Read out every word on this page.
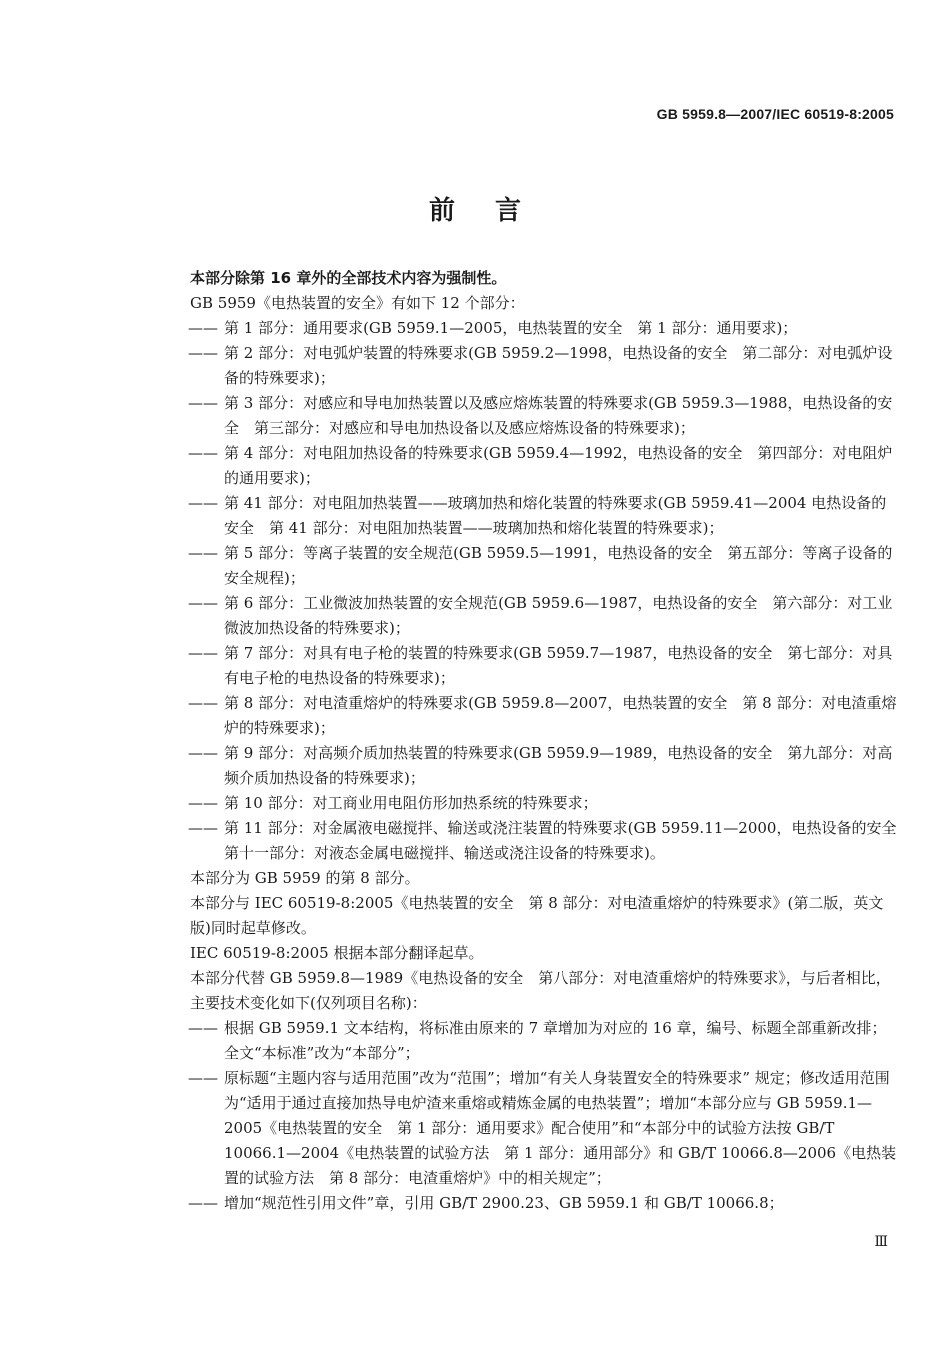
GB 5959.8—2007/IEC 60519-8:2005
前言

本部分除第 16 章外的全部技术内容为强制性。

GB 5959《电热装置的安全》有如下 12 个部分：

—— 第 1 部分：通用要求(GB 5959.1—2005，电热装置的安全　第 1 部分：通用要求)；

—— 第 2 部分：对电弧炉装置的特殊要求(GB 5959.2—1998，电热设备的安全　第二部分：对电弧炉设备的特殊要求)；

—— 第 3 部分：对感应和导电加热装置以及感应熔炼装置的特殊要求(GB 5959.3—1988，电热设备的安全　第三部分：对感应和导电加热设备以及感应熔炼设备的特殊要求)；

—— 第 4 部分：对电阻加热设备的特殊要求(GB 5959.4—1992，电热设备的安全　第四部分：对电阻炉的通用要求)；

—— 第 41 部分：对电阻加热装置——玻璃加热和熔化装置的特殊要求(GB 5959.41—2004 电热设备的安全　第 41 部分：对电阻加热装置——玻璃加热和熔化装置的特殊要求)；

—— 第 5 部分：等离子装置的安全规范(GB 5959.5—1991，电热设备的安全　第五部分：等离子设备的安全规程)；

—— 第 6 部分：工业微波加热装置的安全规范(GB 5959.6—1987，电热设备的安全　第六部分：对工业微波加热设备的特殊要求)；

—— 第 7 部分：对具有电子枪的装置的特殊要求(GB 5959.7—1987，电热设备的安全　第七部分：对具有电子枪的电热设备的特殊要求)；

—— 第 8 部分：对电渣重熔炉的特殊要求(GB 5959.8—2007，电热装置的安全　第 8 部分：对电渣重熔炉的特殊要求)；

—— 第 9 部分：对高频介质加热装置的特殊要求(GB 5959.9—1989，电热设备的安全　第九部分：对高频介质加热设备的特殊要求)；

—— 第 10 部分：对工商业用电阻仿形加热系统的特殊要求；

—— 第 11 部分：对金属液电磁搅拌、输送或浇注装置的特殊要求(GB 5959.11—2000，电热设备的安全　第十一部分：对液态金属电磁搅拌、输送或浇注设备的特殊要求)。

本部分为 GB 5959 的第 8 部分。

本部分与 IEC 60519-8:2005《电热装置的安全　第 8 部分：对电渣重熔炉的特殊要求》(第二版，英文版)同时起草修改。

IEC 60519-8:2005 根据本部分翻译起草。

本部分代替 GB 5959.8—1989《电热设备的安全　第八部分：对电渣重熔炉的特殊要求》，与后者相比，主要技术变化如下(仅列项目名称)：

—— 根据 GB 5959.1 文本结构，将标准由原来的 7 章增加为对应的 16 章，编号、标题全部重新改排；全文“本标准”改为“本部分”；

—— 原标题“主题内容与适用范围”改为“范围”；增加“有关人身装置安全的特殊要求” 规定；修改适用范围为“适用于通过直接加热导电炉渣来重熔或精炼金属的电热装置”；增加“本部分应与 GB 5959.1—2005《电热装置的安全　第 1 部分：通用要求》配合使用”和“本部分中的试验方法按 GB/T 10066.1—2004《电热装置的试验方法　第 1 部分：通用部分》和 GB/T 10066.8—2006《电热装置的试验方法　第 8 部分：电渣重熔炉》中的相关规定”；

—— 增加“规范性引用文件”章，引用 GB/T 2900.23、GB 5959.1 和 GB/T 10066.8；

Ⅲ
